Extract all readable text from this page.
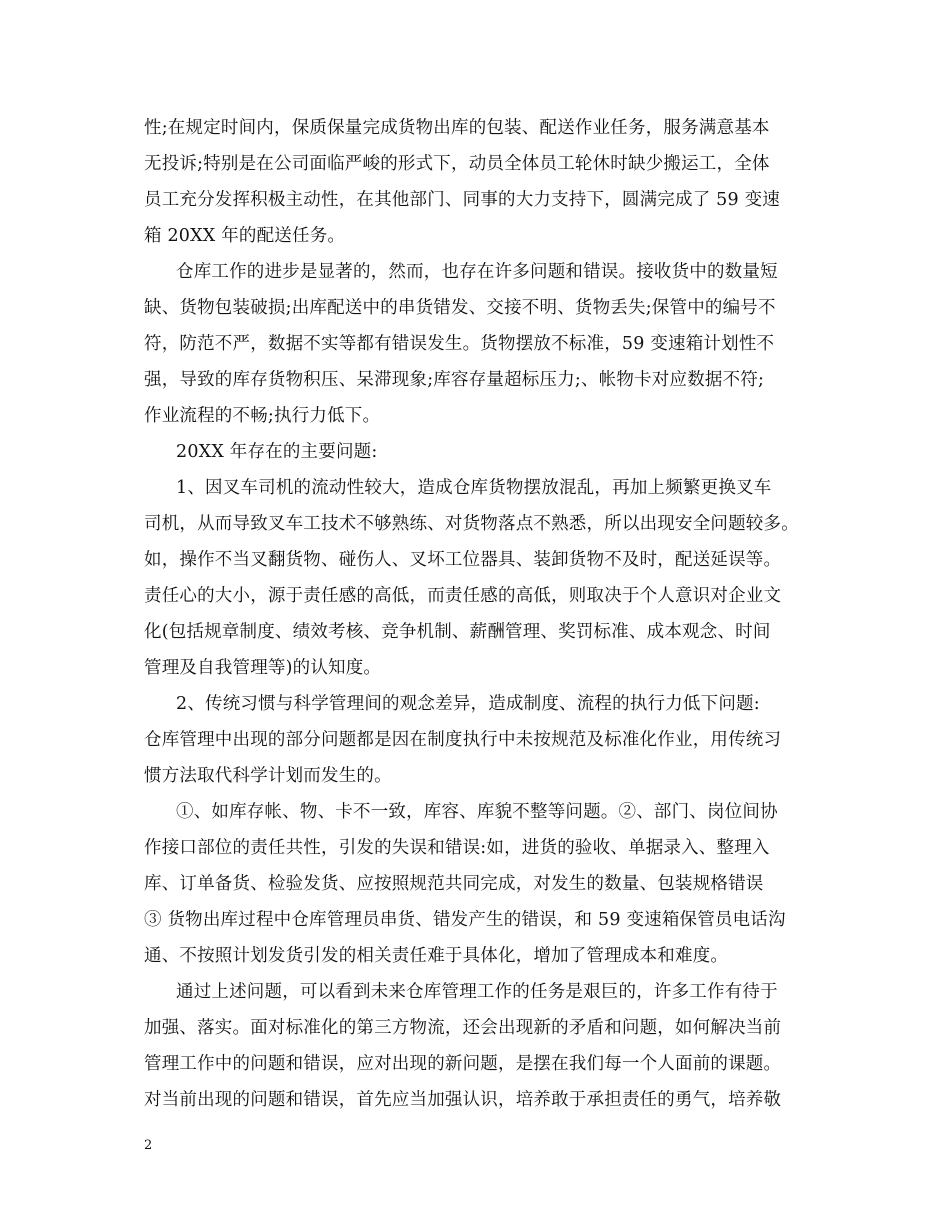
性;在规定时间内，保质保量完成货物出库的包装、配送作业任务，服务满意基本
无投诉;特别是在公司面临严峻的形式下，动员全体员工轮休时缺少搬运工，全体
员工充分发挥积极主动性，在其他部门、同事的大力支持下，圆满完成了 59 变速
箱 20XX 年的配送任务。
仓库工作的进步是显著的，然而，也存在许多问题和错误。接收货中的数量短
缺、货物包装破损;出库配送中的串货错发、交接不明、货物丢失;保管中的编号不
符，防范不严，数据不实等都有错误发生。货物摆放不标准，59 变速箱计划性不
强，导致的库存货物积压、呆滞现象;库容存量超标压力;、帐物卡对应数据不符;
作业流程的不畅;执行力低下。
20XX 年存在的主要问题:
1、因叉车司机的流动性较大，造成仓库货物摆放混乱，再加上频繁更换叉车
司机，从而导致叉车工技术不够熟练、对货物落点不熟悉，所以出现安全问题较多。
如，操作不当叉翻货物、碰伤人、叉坏工位器具、装卸货物不及时，配送延误等。
责任心的大小，源于责任感的高低，而责任感的高低，则取决于个人意识对企业文
化(包括规章制度、绩效考核、竞争机制、薪酬管理、奖罚标准、成本观念、时间
管理及自我管理等)的认知度。
2、传统习惯与科学管理间的观念差异，造成制度、流程的执行力低下问题:
仓库管理中出现的部分问题都是因在制度执行中未按规范及标准化作业，用传统习
惯方法取代科学计划而发生的。
①、如库存帐、物、卡不一致，库容、库貌不整等问题。②、部门、岗位间协
作接口部位的责任共性，引发的失误和错误:如，进货的验收、单据录入、整理入
库、订单备货、检验发货、应按照规范共同完成，对发生的数量、包装规格错误
③ 货物出库过程中仓库管理员串货、错发产生的错误，和 59 变速箱保管员电话沟
通、不按照计划发货引发的相关责任难于具体化，增加了管理成本和难度。
通过上述问题，可以看到未来仓库管理工作的任务是艰巨的，许多工作有待于
加强、落实。面对标准化的第三方物流，还会出现新的矛盾和问题，如何解决当前
管理工作中的问题和错误，应对出现的新问题，是摆在我们每一个人面前的课题。
对当前出现的问题和错误，首先应当加强认识，培养敢于承担责任的勇气，培养敬
2
